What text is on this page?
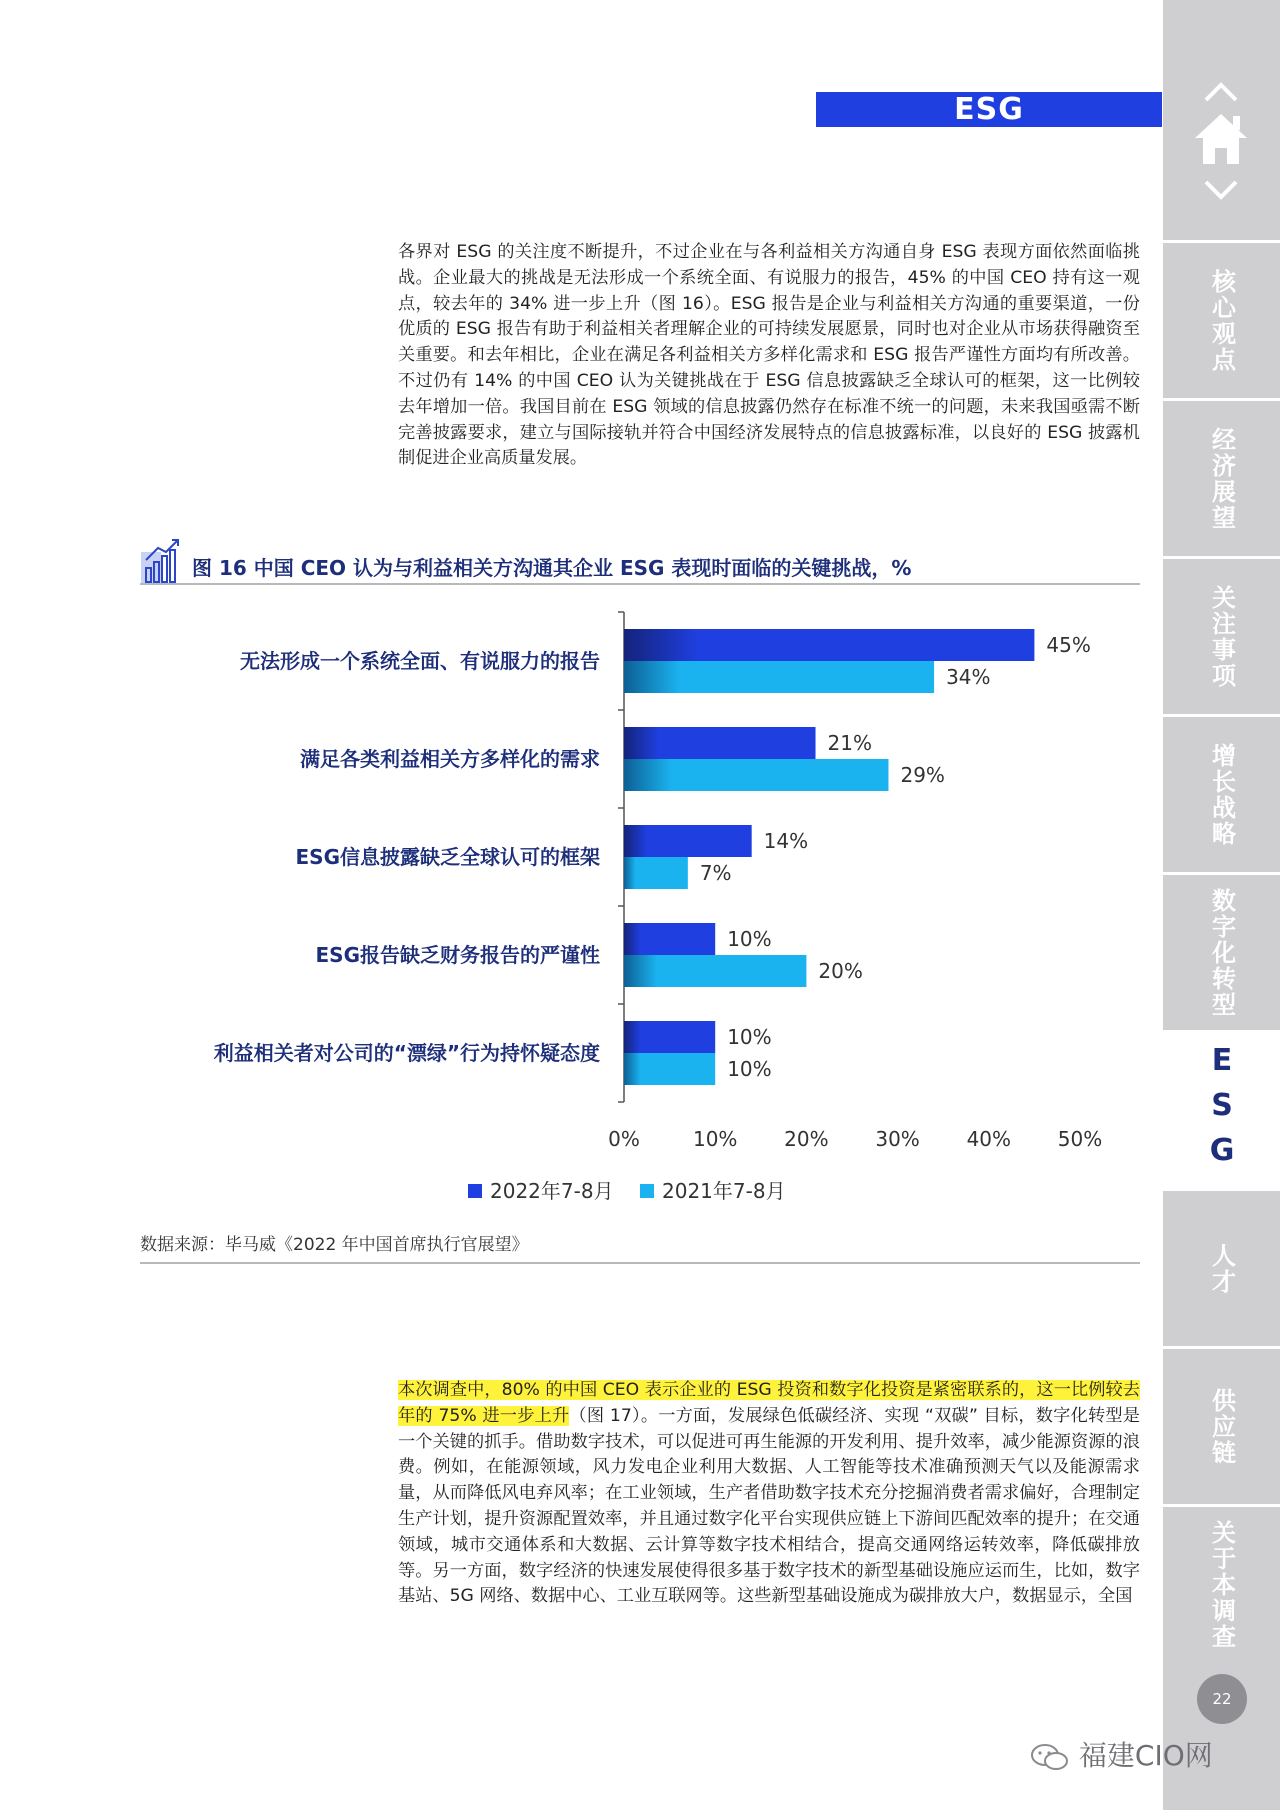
ESG
各界对 ESG 的关注度不断提升，不过企业在与各利益相关方沟通自身 ESG 表现方面依然面临挑战。企业最大的挑战是无法形成一个系统全面、有说服力的报告，45% 的中国 CEO 持有这一观点，较去年的 34% 进一步上升（图 16）。ESG 报告是企业与利益相关方沟通的重要渠道，一份优质的 ESG 报告有助于利益相关者理解企业的可持续发展愿景，同时也对企业从市场获得融资至关重要。和去年相比，企业在满足各利益相关方多样化需求和 ESG 报告严谨性方面均有所改善。不过仍有 14% 的中国 CEO 认为关键挑战在于 ESG 信息披露缺乏全球认可的框架，这一比例较去年增加一倍。我国目前在 ESG 领域的信息披露仍然存在标准不统一的问题，未来我国亟需不断完善披露要求，建立与国际接轨并符合中国经济发展特点的信息披露标准，以良好的 ESG 披露机制促进企业高质量发展。
图 16 中国 CEO 认为与利益相关方沟通其企业 ESG 表现时面临的关键挑战，%
无法形成一个系统全面、有说服力的报告
45%
34%
满足各类利益相关方多样化的需求
21%
29%
ESG信息披露缺乏全球认可的框架
14%
7%
ESG报告缺乏财务报告的严谨性
10%
20%
利益相关者对公司的“漂绿”行为持怀疑态度
10%
10%
0%	10% 20% 30% 40% 50%
2022年7-8月 2021年7-8月
数据来源：毕马威《2022 年中国首席执行官展望》
本次调查中，80% 的中国 CEO 表示企业的 ESG 投资和数字化投资是紧密联系的，这一比例较去年的 75% 进一步上升（图 17）。一方面，发展绿色低碳经济、实现 “双碳” 目标，数字化转型是一个关键的抓手。借助数字技术，可以促进可再生能源的开发利用、提升效率，减少能源资源的浪费。例如，在能源领域，风力发电企业利用大数据、人工智能等技术准确预测天气以及能源需求量，从而降低风电弃风率；在工业领域，生产者借助数字技术充分挖掘消费者需求偏好，合理制定生产计划，提升资源配置效率，并且通过数字化平台实现供应链上下游间匹配效率的提升；在交通领域，城市交通体系和大数据、云计算等数字技术相结合，提高交通网络运转效率，降低碳排放等。另一方面，数字经济的快速发展使得很多基于数字技术的新型基础设施应运而生，比如，数字基站、5G 网络、数据中心、工业互联网等。这些新型基础设施成为碳排放大户，数据显示，全国
核心观点
经济展望
关注事项
增长战略
数字化转型
ESG
人才
供应链
关于本调查
22
福建CIO网
